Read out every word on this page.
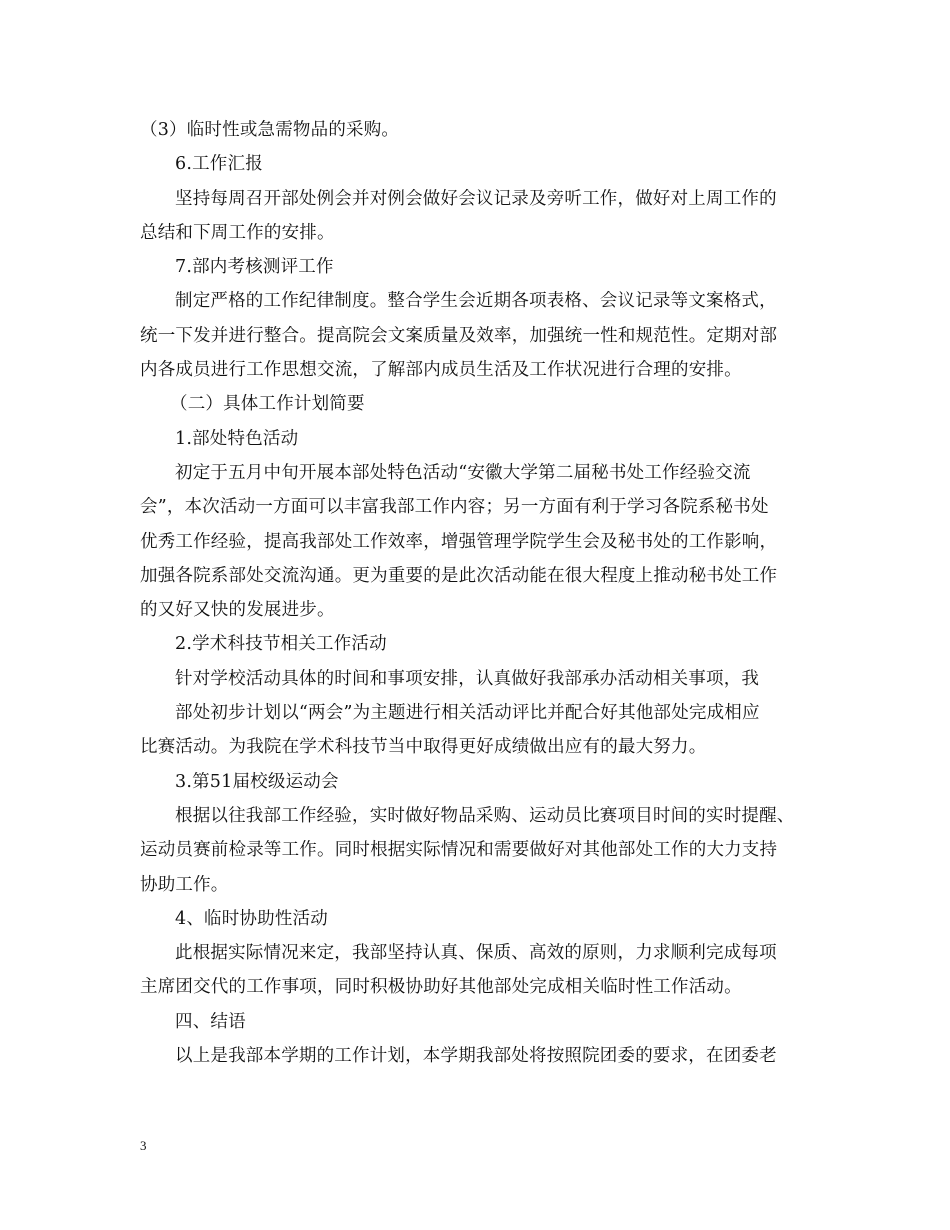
（3）临时性或急需物品的采购。
6.工作汇报
坚持每周召开部处例会并对例会做好会议记录及旁听工作，做好对上周工作的
总结和下周工作的安排。
7.部内考核测评工作
制定严格的工作纪律制度。整合学生会近期各项表格、会议记录等文案格式，
统一下发并进行整合。提高院会文案质量及效率，加强统一性和规范性。定期对部
内各成员进行工作思想交流，了解部内成员生活及工作状况进行合理的安排。
（二）具体工作计划简要
1.部处特色活动
初定于五月中旬开展本部处特色活动“安徽大学第二届秘书处工作经验交流
会”，本次活动一方面可以丰富我部工作内容；另一方面有利于学习各院系秘书处
优秀工作经验，提高我部处工作效率，增强管理学院学生会及秘书处的工作影响，
加强各院系部处交流沟通。更为重要的是此次活动能在很大程度上推动秘书处工作
的又好又快的发展进步。
2.学术科技节相关工作活动
针对学校活动具体的时间和事项安排，认真做好我部承办活动相关事项，我
部处初步计划以“两会”为主题进行相关活动评比并配合好其他部处完成相应
比赛活动。为我院在学术科技节当中取得更好成绩做出应有的最大努力。
3.第51届校级运动会
根据以往我部工作经验，实时做好物品采购、运动员比赛项目时间的实时提醒、
运动员赛前检录等工作。同时根据实际情况和需要做好对其他部处工作的大力支持
协助工作。
4、临时协助性活动
此根据实际情况来定，我部坚持认真、保质、高效的原则，力求顺利完成每项
主席团交代的工作事项，同时积极协助好其他部处完成相关临时性工作活动。
四、结语
以上是我部本学期的工作计划，本学期我部处将按照院团委的要求，在团委老
3
